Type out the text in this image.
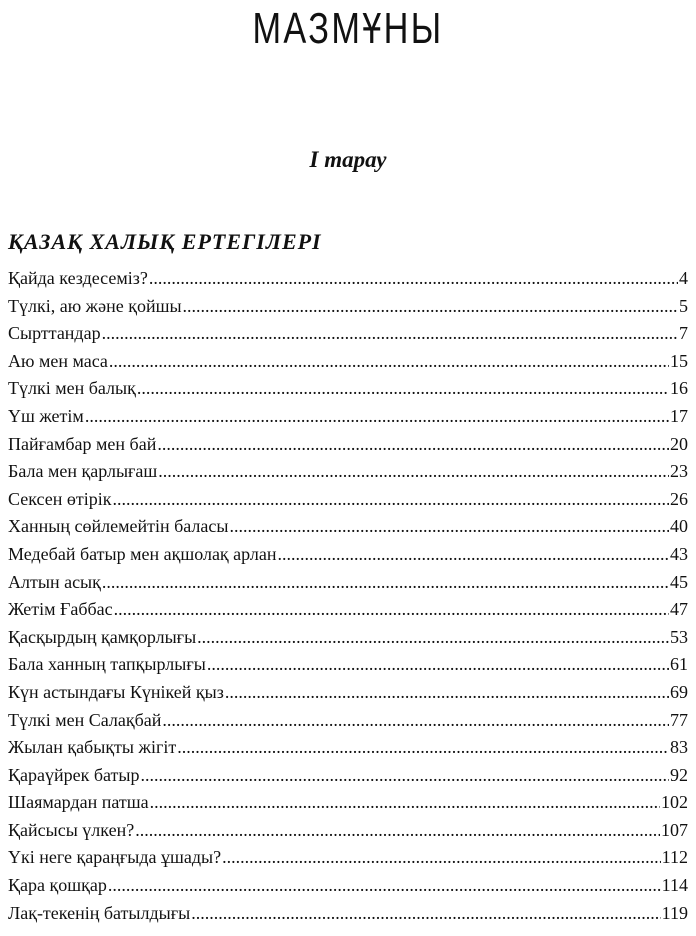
МАЗМҰНЫ
І тарау
ҚАЗАҚ ХАЛЫҚ ЕРТЕГІЛЕРІ
Қайда кездесеміз? .....	4
Түлкі, аю және қойшы .....	5
Сырттандар .....	7
Аю мен маса .....	15
Түлкі мен балық .....	16
Үш жетім .....	17
Пайғамбар мен бай .....	20
Бала мен қарлығаш .....	23
Сексен өтірік .....	26
Ханның сөйлемейтін баласы .....	40
Медебай батыр мен ақшолақ арлан .....	43
Алтын асық .....	45
Жетім Ғаббас .....	47
Қасқырдың қамқорлығы .....	53
Бала ханның тапқырлығы .....	61
Күн астындағы Күнікей қыз .....	69
Түлкі мен Салақбай .....	77
Жылан қабықты жігіт .....	83
Қараүйрек батыр .....	92
Шаямардан патша .....	102
Қайсысы үлкен? .....	107
Үкі неге қараңғыда ұшады? .....	112
Қара қошқар .....	114
Лақ-текенің батылдығы .....	119
